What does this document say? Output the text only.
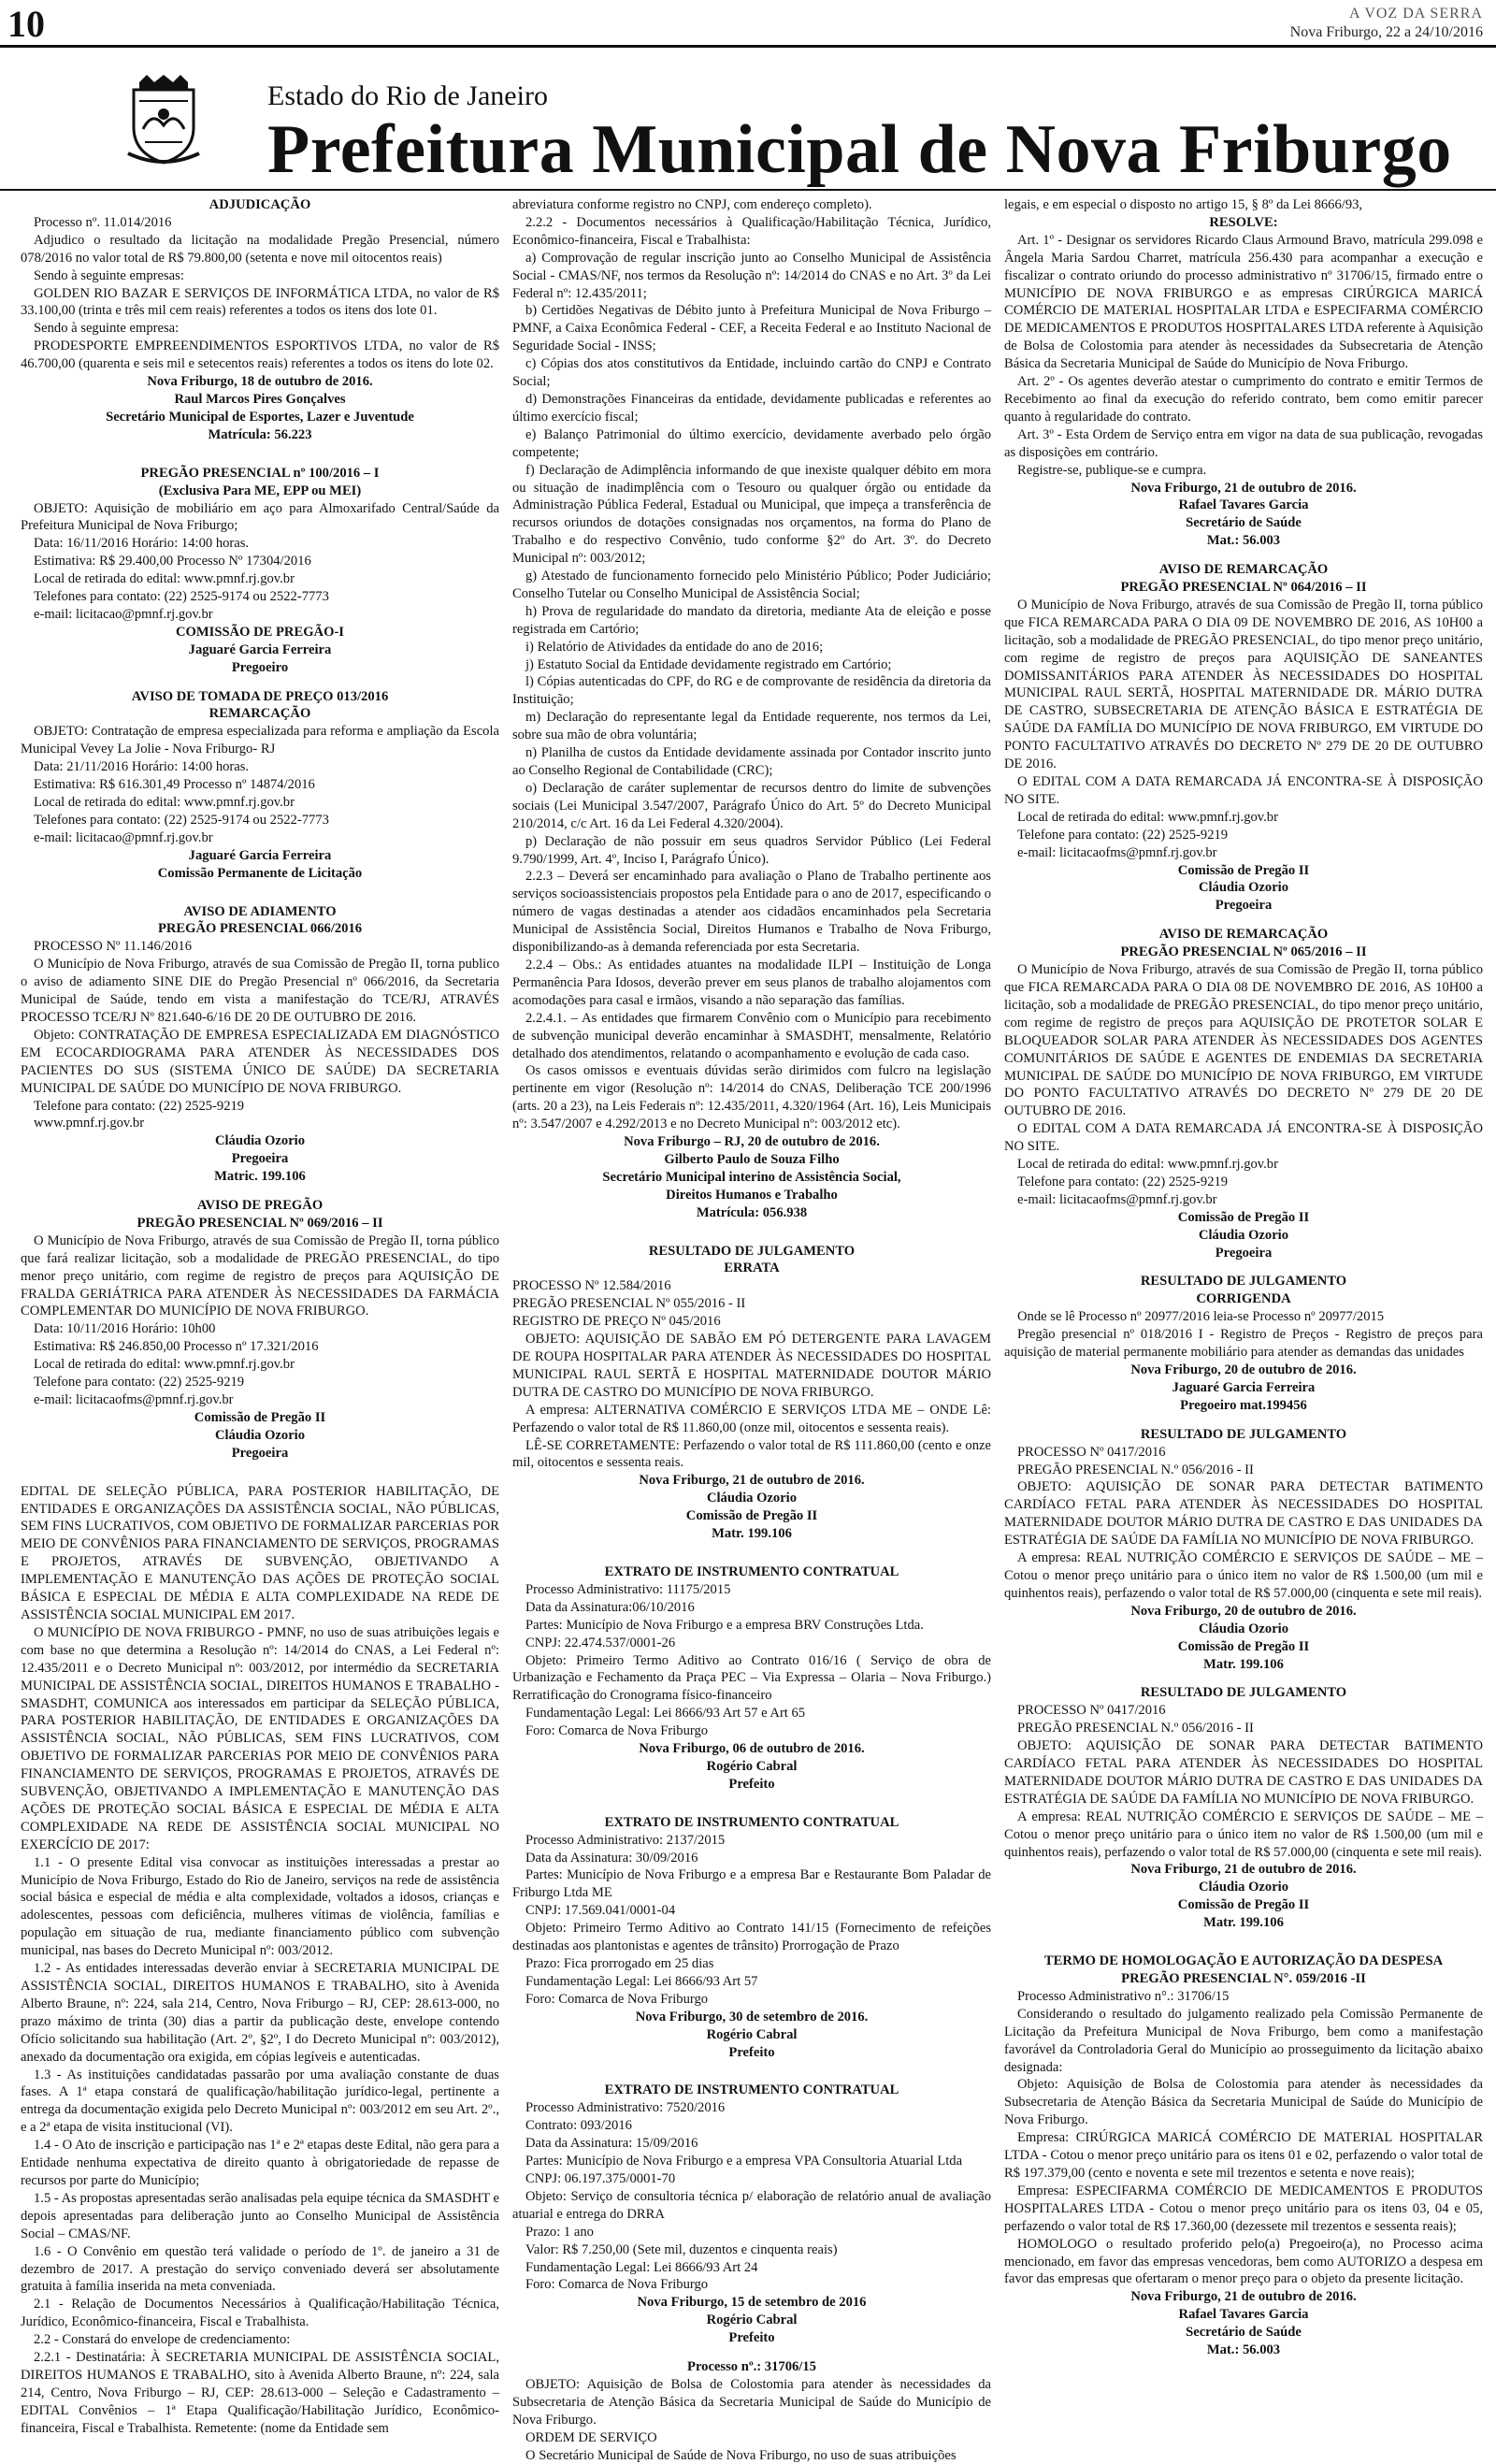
10	A VOZ DA SERRA
Nova Friburgo, 22 a 24/10/2016
Estado do Rio de Janeiro
Prefeitura Municipal de Nova Friburgo

ADJUDICAÇÃO

Processo nº. 11.014/2016

Adjudico o resultado da licitação na modalidade Pregão Presencial, número 078/2016 no valor total de R$ 79.800,00 (setenta e nove mil oitocentos reais)

Sendo à seguinte empresas:

GOLDEN RIO BAZAR E SERVIÇOS DE INFORMÁTICA LTDA, no valor de R$ 33.100,00 (trinta e três mil cem reais) referentes a todos os itens dos lote 01.

Sendo à seguinte empresa:

PRODESPORTE EMPREENDIMENTOS ESPORTIVOS LTDA, no valor de R$ 46.700,00 (quarenta e seis mil e setecentos reais) referentes a todos os itens do lote 02.

Nova Friburgo, 18 de outubro de 2016.

Raul Marcos Pires Gonçalves

Secretário Municipal de Esportes, Lazer e Juventude

Matrícula: 56.223

PREGÃO PRESENCIAL nº 100/2016 – I

(Exclusiva Para ME, EPP ou MEI)

OBJETO: Aquisição de mobiliário em aço para Almoxarifado Central/Saúde da Prefeitura Municipal de Nova Friburgo;

Data: 16/11/2016 Horário: 14:00 horas.

Estimativa: R$ 29.400,00 Processo Nº 17304/2016

Local de retirada do edital: www.pmnf.rj.gov.br

Telefones para contato: (22) 2525-9174 ou 2522-7773

e-mail: licitacao@pmnf.rj.gov.br

COMISSÃO DE PREGÃO-I

Jaguaré Garcia Ferreira

Pregoeiro

AVISO DE TOMADA DE PREÇO 013/2016

REMARCAÇÃO

OBJETO: Contratação de empresa especializada para reforma e ampliação da Escola Municipal Vevey La Jolie - Nova Friburgo- RJ

Data: 21/11/2016 Horário: 14:00 horas.

Estimativa: R$ 616.301,49 Processo nº 14874/2016

Local de retirada do edital: www.pmnf.rj.gov.br

Telefones para contato: (22) 2525-9174 ou 2522-7773

e-mail: licitacao@pmnf.rj.gov.br

Jaguaré Garcia Ferreira

Comissão Permanente de Licitação

AVISO DE ADIAMENTO

PREGÃO PRESENCIAL 066/2016

PROCESSO Nº 11.146/2016

O Município de Nova Friburgo, através de sua Comissão de Pregão II, torna publico o aviso de adiamento SINE DIE do Pregão Presencial nº 066/2016, da Secretaria Municipal de Saúde, tendo em vista a manifestação do TCE/RJ, ATRAVÉS PROCESSO TCE/RJ Nº 821.640-6/16 DE 20 DE OUTUBRO DE 2016.

Objeto: CONTRATAÇÃO DE EMPRESA ESPECIALIZADA EM DIAGNÓSTICO EM ECOCARDIOGRAMA PARA ATENDER ÀS NECESSIDADES DOS PACIENTES DO SUS (SISTEMA ÚNICO DE SAÚDE) DA SECRETARIA MUNICIPAL DE SAÚDE DO MUNICÍPIO DE NOVA FRIBURGO.

Telefone para contato: (22) 2525-9219

www.pmnf.rj.gov.br

Cláudia Ozorio

Pregoeira

Matric. 199.106

AVISO DE PREGÃO

PREGÃO PRESENCIAL Nº 069/2016 – II

O Município de Nova Friburgo, através de sua Comissão de Pregão II, torna público que fará realizar licitação, sob a modalidade de PREGÃO PRESENCIAL, do tipo menor preço unitário, com regime de registro de preços para AQUISIÇÃO DE FRALDA GERIÁTRICA PARA ATENDER ÀS NECESSIDADES DA FARMÁCIA COMPLEMENTAR DO MUNICÍPIO DE NOVA FRIBURGO.

Data: 10/11/2016 Horário: 10h00

Estimativa: R$ 246.850,00 Processo nº 17.321/2016

Local de retirada do edital: www.pmnf.rj.gov.br

Telefone para contato: (22) 2525-9219

e-mail: licitacaofms@pmnf.rj.gov.br

Comissão de Pregão II

Cláudia Ozorio

Pregoeira

EDITAL DE SELEÇÃO PÚBLICA, PARA POSTERIOR HABILITAÇÃO, DE ENTIDADES E ORGANIZAÇÕES DA ASSISTÊNCIA SOCIAL, NÃO PÚBLICAS, SEM FINS LUCRATIVOS, COM OBJETIVO DE FORMALIZAR PARCERIAS POR MEIO DE CONVÊNIOS PARA FINANCIAMENTO DE SERVIÇOS, PROGRAMAS E PROJETOS, ATRAVÉS DE SUBVENÇÃO, OBJETIVANDO A IMPLEMENTAÇÃO E MANUTENÇÃO DAS AÇÕES DE PROTEÇÃO SOCIAL BÁSICA E ESPECIAL DE MÉDIA E ALTA COMPLEXIDADE NA REDE DE ASSISTÊNCIA SOCIAL MUNICIPAL EM 2017.

O MUNICÍPIO DE NOVA FRIBURGO - PMNF, no uso de suas atribuições legais e com base no que determina a Resolução nº: 14/2014 do CNAS, a Lei Federal nº: 12.435/2011 e o Decreto Municipal nº: 003/2012, por intermédio da SECRETARIA MUNICIPAL DE ASSISTÊNCIA SOCIAL, DIREITOS HUMANOS E TRABALHO - SMASDHT, COMUNICA aos interessados em participar da SELEÇÃO PÚBLICA, PARA POSTERIOR HABILITAÇÃO, DE ENTIDADES E ORGANIZAÇÕES DA ASSISTÊNCIA SOCIAL, NÃO PÚBLICAS, SEM FINS LUCRATIVOS, COM OBJETIVO DE FORMALIZAR PARCERIAS POR MEIO DE CONVÊNIOS PARA FINANCIAMENTO DE SERVIÇOS, PROGRAMAS E PROJETOS, ATRAVÉS DE SUBVENÇÃO, OBJETIVANDO A IMPLEMENTAÇÃO E MANUTENÇÃO DAS AÇÕES DE PROTEÇÃO SOCIAL BÁSICA E ESPECIAL DE MÉDIA E ALTA COMPLEXIDADE NA REDE DE ASSISTÊNCIA SOCIAL MUNICIPAL NO EXERCÍCIO DE 2017:

1.1 - O presente Edital visa convocar as instituições interessadas a prestar ao Município de Nova Friburgo, Estado do Rio de Janeiro, serviços na rede de assistência social básica e especial de média e alta complexidade, voltados a idosos, crianças e adolescentes, pessoas com deficiência, mulheres vítimas de violência, famílias e população em situação de rua, mediante financiamento público com subvenção municipal, nas bases do Decreto Municipal nº: 003/2012.

1.2 - As entidades interessadas deverão enviar à SECRETARIA MUNICIPAL DE ASSISTÊNCIA SOCIAL, DIREITOS HUMANOS E TRABALHO, sito à Avenida Alberto Braune, nº: 224, sala 214, Centro, Nova Friburgo – RJ, CEP: 28.613-000, no prazo máximo de trinta (30) dias a partir da publicação deste, envelope contendo Ofício solicitando sua habilitação (Art. 2º, §2º, I do Decreto Municipal nº: 003/2012), anexado da documentação ora exigida, em cópias legíveis e autenticadas.

1.3 - As instituições candidatadas passarão por uma avaliação constante de duas fases. A 1ª etapa constará de qualificação/habilitação jurídico-legal, pertinente a entrega da documentação exigida pelo Decreto Municipal nº: 003/2012 em seu Art. 2º., e a 2ª etapa de visita institucional (VI).

1.4 - O Ato de inscrição e participação nas 1ª e 2ª etapas deste Edital, não gera para a Entidade nenhuma expectativa de direito quanto à obrigatoriedade de repasse de recursos por parte do Município;

1.5 - As propostas apresentadas serão analisadas pela equipe técnica da SMASDHT e depois apresentadas para deliberação junto ao Conselho Municipal de Assistência Social – CMAS/NF.

1.6 - O Convênio em questão terá validade o período de 1º. de janeiro a 31 de dezembro de 2017. A prestação do serviço conveniado deverá ser absolutamente gratuita à família inserida na meta conveniada.

2.1 - Relação de Documentos Necessários à Qualificação/Habilitação Técnica, Jurídico, Econômico-financeira, Fiscal e Trabalhista.

2.2 - Constará do envelope de credenciamento:

2.2.1 - Destinatária: À SECRETARIA MUNICIPAL DE ASSISTÊNCIA SOCIAL, DIREITOS HUMANOS E TRABALHO, sito à Avenida Alberto Braune, nº: 224, sala 214, Centro, Nova Friburgo – RJ, CEP: 28.613-000 – Seleção e Cadastramento – EDITAL Convênios – 1ª Etapa Qualificação/Habilitação Jurídico, Econômico-financeira, Fiscal e Trabalhista. Remetente: (nome da Entidade sem

abreviatura conforme registro no CNPJ, com endereço completo).

2.2.2 - Documentos necessários à Qualificação/Habilitação Técnica, Jurídico, Econômico-financeira, Fiscal e Trabalhista:

a) Comprovação de regular inscrição junto ao Conselho Municipal de Assistência Social - CMAS/NF, nos termos da Resolução nº: 14/2014 do CNAS e no Art. 3º da Lei Federal nº: 12.435/2011;

b) Certidões Negativas de Débito junto à Prefeitura Municipal de Nova Friburgo – PMNF, a Caixa Econômica Federal - CEF, a Receita Federal e ao Instituto Nacional de Seguridade Social - INSS;

c) Cópias dos atos constitutivos da Entidade, incluindo cartão do CNPJ e Contrato Social;

d) Demonstrações Financeiras da entidade, devidamente publicadas e referentes ao último exercício fiscal;

e) Balanço Patrimonial do último exercício, devidamente averbado pelo órgão competente;

f) Declaração de Adimplência informando de que inexiste qualquer débito em mora ou situação de inadimplência com o Tesouro ou qualquer órgão ou entidade da Administração Pública Federal, Estadual ou Municipal, que impeça a transferência de recursos oriundos de dotações consignadas nos orçamentos, na forma do Plano de Trabalho e do respectivo Convênio, tudo conforme §2º do Art. 3º. do Decreto Municipal nº: 003/2012;

g) Atestado de funcionamento fornecido pelo Ministério Público; Poder Judiciário; Conselho Tutelar ou Conselho Municipal de Assistência Social;

h) Prova de regularidade do mandato da diretoria, mediante Ata de eleição e posse registrada em Cartório;

i) Relatório de Atividades da entidade do ano de 2016;

j) Estatuto Social da Entidade devidamente registrado em Cartório;

l) Cópias autenticadas do CPF, do RG e de comprovante de residência da diretoria da Instituição;

m) Declaração do representante legal da Entidade requerente, nos termos da Lei, sobre sua mão de obra voluntária;

n) Planilha de custos da Entidade devidamente assinada por Contador inscrito junto ao Conselho Regional de Contabilidade (CRC);

o) Declaração de caráter suplementar de recursos dentro do limite de subvenções sociais (Lei Municipal 3.547/2007, Parágrafo Único do Art. 5º do Decreto Municipal 210/2014, c/c Art. 16 da Lei Federal 4.320/2004).

p) Declaração de não possuir em seus quadros Servidor Público (Lei Federal 9.790/1999, Art. 4º, Inciso I, Parágrafo Único).

2.2.3 – Deverá ser encaminhado para avaliação o Plano de Trabalho pertinente aos serviços socioassistenciais propostos pela Entidade para o ano de 2017, especificando o número de vagas destinadas a atender aos cidadãos encaminhados pela Secretaria Municipal de Assistência Social, Direitos Humanos e Trabalho de Nova Friburgo, disponibilizando-as à demanda referenciada por esta Secretaria.

2.2.4 – Obs.: As entidades atuantes na modalidade ILPI – Instituição de Longa Permanência Para Idosos, deverão prever em seus planos de trabalho alojamentos com acomodações para casal e irmãos, visando a não separação das famílias.

2.2.4.1. – As entidades que firmarem Convênio com o Município para recebimento de subvenção municipal deverão encaminhar à SMASDHT, mensalmente, Relatório detalhado dos atendimentos, relatando o acompanhamento e evolução de cada caso.

Os casos omissos e eventuais dúvidas serão dirimidos com fulcro na legislação pertinente em vigor (Resolução nº: 14/2014 do CNAS, Deliberação TCE 200/1996 (arts. 20 a 23), na Leis Federais nº: 12.435/2011, 4.320/1964 (Art. 16), Leis Municipais nº: 3.547/2007 e 4.292/2013 e no Decreto Municipal nº: 003/2012 etc).

Nova Friburgo – RJ, 20 de outubro de 2016.

Gilberto Paulo de Souza Filho

Secretário Municipal interino de Assistência Social,

Direitos Humanos e Trabalho

Matrícula: 056.938

RESULTADO DE JULGAMENTO

ERRATA

PROCESSO Nº 12.584/2016

PREGÃO PRESENCIAL Nº 055/2016 - II

REGISTRO DE PREÇO Nº 045/2016

OBJETO: AQUISIÇÃO DE SABÃO EM PÓ DETERGENTE PARA LAVAGEM DE ROUPA HOSPITALAR PARA ATENDER ÀS NECESSIDADES DO HOSPITAL MUNICIPAL RAUL SERTÃ E HOSPITAL MATERNIDADE DOUTOR MÁRIO DUTRA DE CASTRO DO MUNICÍPIO DE NOVA FRIBURGO.

A empresa: ALTERNATIVA COMÉRCIO E SERVIÇOS LTDA ME – ONDE Lê: Perfazendo o valor total de R$ 11.860,00 (onze mil, oitocentos e sessenta reais).

LÊ-SE CORRETAMENTE: Perfazendo o valor total de R$ 111.860,00 (cento e onze mil, oitocentos e sessenta reais.

Nova Friburgo, 21 de outubro de 2016.

Cláudia Ozorio

Comissão de Pregão II

Matr. 199.106

EXTRATO DE INSTRUMENTO CONTRATUAL

Processo Administrativo: 11175/2015

Data da Assinatura:06/10/2016

Partes: Município de Nova Friburgo e a empresa BRV Construções Ltda.

CNPJ: 22.474.537/0001-26

Objeto: Primeiro Termo Aditivo ao Contrato 016/16 ( Serviço de obra de Urbanização e Fechamento da Praça PEC – Via Expressa – Olaria – Nova Friburgo.) Rerratificação do Cronograma físico-financeiro

Fundamentação Legal: Lei 8666/93 Art 57 e Art 65

Foro: Comarca de Nova Friburgo

Nova Friburgo, 06 de outubro de 2016.

Rogério Cabral

Prefeito

EXTRATO DE INSTRUMENTO CONTRATUAL

Processo Administrativo: 2137/2015

Data da Assinatura: 30/09/2016

Partes: Município de Nova Friburgo e a empresa Bar e Restaurante Bom Paladar de Friburgo Ltda ME

CNPJ: 17.569.041/0001-04

Objeto: Primeiro Termo Aditivo ao Contrato 141/15 (Fornecimento de refeições destinadas aos plantonistas e agentes de trânsito) Prorrogação de Prazo

Prazo: Fica prorrogado em 25 dias

Fundamentação Legal: Lei 8666/93 Art 57

Foro: Comarca de Nova Friburgo

Nova Friburgo, 30 de setembro de 2016.

Rogério Cabral

Prefeito

EXTRATO DE INSTRUMENTO CONTRATUAL

Processo Administrativo: 7520/2016

Contrato: 093/2016

Data da Assinatura: 15/09/2016

Partes: Município de Nova Friburgo e a empresa VPA Consultoria Atuarial Ltda

CNPJ: 06.197.375/0001-70

Objeto: Serviço de consultoria técnica p/ elaboração de relatório anual de avaliação atuarial e entrega do DRRA

Prazo: 1 ano

Valor: R$ 7.250,00 (Sete mil, duzentos e cinquenta reais)

Fundamentação Legal: Lei 8666/93 Art 24

Foro: Comarca de Nova Friburgo

Nova Friburgo, 15 de setembro de 2016

Rogério Cabral

Prefeito

Processo nº.: 31706/15

OBJETO: Aquisição de Bolsa de Colostomia para atender às necessidades da Subsecretaria de Atenção Básica da Secretaria Municipal de Saúde do Município de Nova Friburgo.

ORDEM DE SERVIÇO

O Secretário Municipal de Saúde de Nova Friburgo, no uso de suas atribuições

legais, e em especial o disposto no artigo 15, § 8º da Lei 8666/93,

RESOLVE:

Art. 1º - Designar os servidores Ricardo Claus Armound Bravo, matrícula 299.098 e Ângela Maria Sardou Charret, matrícula 256.430 para acompanhar a execução e fiscalizar o contrato oriundo do processo administrativo nº 31706/15, firmado entre o MUNICÍPIO DE NOVA FRIBURGO e as empresas CIRÚRGICA MARICÁ COMÉRCIO DE MATERIAL HOSPITALAR LTDA e ESPECIFARMA COMÉRCIO DE MEDICAMENTOS E PRODUTOS HOSPITALARES LTDA referente à Aquisição de Bolsa de Colostomia para atender às necessidades da Subsecretaria de Atenção Básica da Secretaria Municipal de Saúde do Município de Nova Friburgo.

Art. 2º - Os agentes deverão atestar o cumprimento do contrato e emitir Termos de Recebimento ao final da execução do referido contrato, bem como emitir parecer quanto à regularidade do contrato.

Art. 3º - Esta Ordem de Serviço entra em vigor na data de sua publicação, revogadas as disposições em contrário.

Registre-se, publique-se e cumpra.

Nova Friburgo, 21 de outubro de 2016.

Rafael Tavares Garcia

Secretário de Saúde

Mat.: 56.003

AVISO DE REMARCAÇÃO

PREGÃO PRESENCIAL Nº 064/2016 – II

O Município de Nova Friburgo, através de sua Comissão de Pregão II, torna público que FICA REMARCADA PARA O DIA 09 DE NOVEMBRO DE 2016, AS 10H00 a licitação, sob a modalidade de PREGÃO PRESENCIAL, do tipo menor preço unitário, com regime de registro de preços para AQUISIÇÃO DE SANEANTES DOMISSANITÁRIOS PARA ATENDER ÀS NECESSIDADES DO HOSPITAL MUNICIPAL RAUL SERTÃ, HOSPITAL MATERNIDADE DR. MÁRIO DUTRA DE CASTRO, SUBSECRETARIA DE ATENÇÃO BÁSICA E ESTRATÉGIA DE SAÚDE DA FAMÍLIA DO MUNICÍPIO DE NOVA FRIBURGO, EM VIRTUDE DO PONTO FACULTATIVO ATRAVÉS DO DECRETO Nº 279 DE 20 DE OUTUBRO DE 2016.

O EDITAL COM A DATA REMARCADA JÁ ENCONTRA-SE À DISPOSIÇÃO NO SITE.

Local de retirada do edital: www.pmnf.rj.gov.br

Telefone para contato: (22) 2525-9219

e-mail: licitacaofms@pmnf.rj.gov.br

Comissão de Pregão II

Cláudia Ozorio

Pregoeira

AVISO DE REMARCAÇÃO

PREGÃO PRESENCIAL Nº 065/2016 – II

O Município de Nova Friburgo, através de sua Comissão de Pregão II, torna público que FICA REMARCADA PARA O DIA 08 DE NOVEMBRO DE 2016, AS 10H00 a licitação, sob a modalidade de PREGÃO PRESENCIAL, do tipo menor preço unitário, com regime de registro de preços para AQUISIÇÃO DE PROTETOR SOLAR E BLOQUEADOR SOLAR PARA ATENDER ÀS NECESSIDADES DOS AGENTES COMUNITÁRIOS DE SAÚDE E AGENTES DE ENDEMIAS DA SECRETARIA MUNICIPAL DE SAÚDE DO MUNICÍPIO DE NOVA FRIBURGO, EM VIRTUDE DO PONTO FACULTATIVO ATRAVÉS DO DECRETO Nº 279 DE 20 DE OUTUBRO DE 2016.

O EDITAL COM A DATA REMARCADA JÁ ENCONTRA-SE À DISPOSIÇÃO NO SITE.

Local de retirada do edital: www.pmnf.rj.gov.br

Telefone para contato: (22) 2525-9219

e-mail: licitacaofms@pmnf.rj.gov.br

Comissão de Pregão II

Cláudia Ozorio

Pregoeira

RESULTADO DE JULGAMENTO

CORRIGENDA

Onde se lê Processo nº 20977/2016 leia-se Processo nº 20977/2015

Pregão presencial nº 018/2016 I - Registro de Preços - Registro de preços para aquisição de material permanente mobiliário para atender as demandas das unidades

Nova Friburgo, 20 de outubro de 2016.

Jaguaré Garcia Ferreira

Pregoeiro mat.199456

RESULTADO DE JULGAMENTO

PROCESSO Nº 0417/2016

PREGÃO PRESENCIAL N.º 056/2016 - II

OBJETO: AQUISIÇÃO DE SONAR PARA DETECTAR BATIMENTO CARDÍACO FETAL PARA ATENDER ÀS NECESSIDADES DO HOSPITAL MATERNIDADE DOUTOR MÁRIO DUTRA DE CASTRO E DAS UNIDADES DA ESTRATÉGIA DE SAÚDE DA FAMÍLIA NO MUNICÍPIO DE NOVA FRIBURGO.

A empresa: REAL NUTRIÇÃO COMÉRCIO E SERVIÇOS DE SAÚDE – ME – Cotou o menor preço unitário para o único item no valor de R$ 1.500,00 (um mil e quinhentos reais), perfazendo o valor total de R$ 57.000,00 (cinquenta e sete mil reais).

Nova Friburgo, 20 de outubro de 2016.

Cláudia Ozorio

Comissão de Pregão II

Matr. 199.106

RESULTADO DE JULGAMENTO

PROCESSO Nº 0417/2016

PREGÃO PRESENCIAL N.º 056/2016 - II

OBJETO: AQUISIÇÃO DE SONAR PARA DETECTAR BATIMENTO CARDÍACO FETAL PARA ATENDER ÀS NECESSIDADES DO HOSPITAL MATERNIDADE DOUTOR MÁRIO DUTRA DE CASTRO E DAS UNIDADES DA ESTRATÉGIA DE SAÚDE DA FAMÍLIA NO MUNICÍPIO DE NOVA FRIBURGO.

A empresa: REAL NUTRIÇÃO COMÉRCIO E SERVIÇOS DE SAÚDE – ME – Cotou o menor preço unitário para o único item no valor de R$ 1.500,00 (um mil e quinhentos reais), perfazendo o valor total de R$ 57.000,00 (cinquenta e sete mil reais).

Nova Friburgo, 21 de outubro de 2016.

Cláudia Ozorio

Comissão de Pregão II

Matr. 199.106

TERMO DE HOMOLOGAÇÃO E AUTORIZAÇÃO DA DESPESA

PREGÃO PRESENCIAL N°. 059/2016 -II

Processo Administrativo n°.: 31706/15

Considerando o resultado do julgamento realizado pela Comissão Permanente de Licitação da Prefeitura Municipal de Nova Friburgo, bem como a manifestação favorável da Controladoria Geral do Município ao prosseguimento da licitação abaixo designada:

Objeto: Aquisição de Bolsa de Colostomia para atender às necessidades da Subsecretaria de Atenção Básica da Secretaria Municipal de Saúde do Município de Nova Friburgo.

Empresa: CIRÚRGICA MARICÁ COMÉRCIO DE MATERIAL HOSPITALAR LTDA - Cotou o menor preço unitário para os itens 01 e 02, perfazendo o valor total de R$ 197.379,00 (cento e noventa e sete mil trezentos e setenta e nove reais);

Empresa: ESPECIFARMA COMÉRCIO DE MEDICAMENTOS E PRODUTOS HOSPITALARES LTDA - Cotou o menor preço unitário para os itens 03, 04 e 05, perfazendo o valor total de R$ 17.360,00 (dezessete mil trezentos e sessenta reais);

HOMOLOGO o resultado proferido pelo(a) Pregoeiro(a), no Processo acima mencionado, em favor das empresas vencedoras, bem como AUTORIZO a despesa em favor das empresas que ofertaram o menor preço para o objeto da presente licitação.

Nova Friburgo, 21 de outubro de 2016.

Rafael Tavares Garcia

Secretário de Saúde

Mat.: 56.003
